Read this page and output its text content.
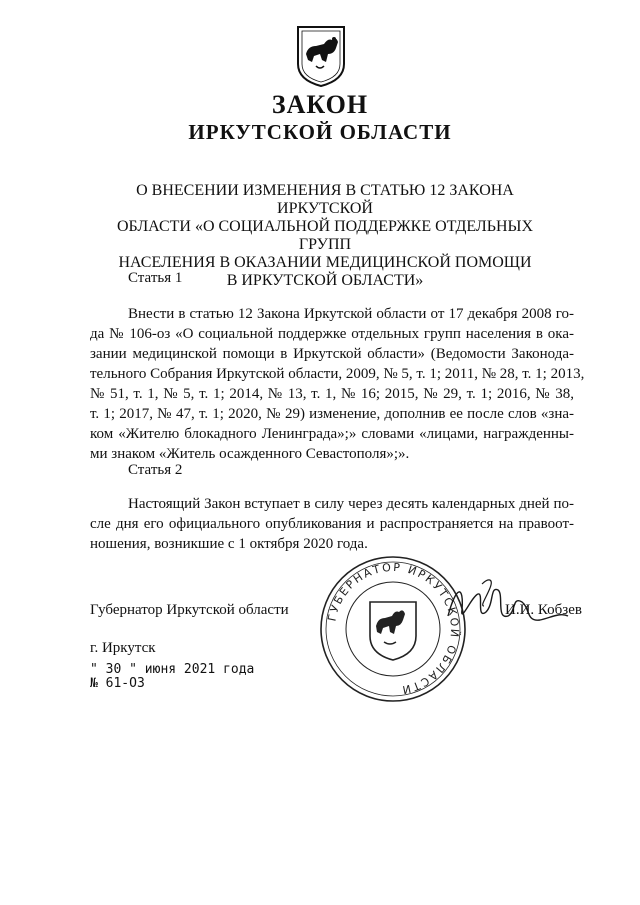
ЗАКОН
ИРКУТСКОЙ ОБЛАСТИ
О ВНЕСЕНИИ ИЗМЕНЕНИЯ В СТАТЬЮ 12 ЗАКОНА ИРКУТСКОЙ
ОБЛАСТИ «О СОЦИАЛЬНОЙ ПОДДЕРЖКЕ ОТДЕЛЬНЫХ ГРУПП
НАСЕЛЕНИЯ В ОКАЗАНИИ МЕДИЦИНСКОЙ ПОМОЩИ
В ИРКУТСКОЙ ОБЛАСТИ»
Статья 1
Внести в статью 12 Закона Иркутской области от 17 декабря 2008 го-
да № 106-оз «О социальной поддержке отдельных групп населения в ока-
зании медицинской помощи в Иркутской области» (Ведомости Законода-
тельного Собрания Иркутской области, 2009, № 5, т. 1; 2011, № 28, т. 1; 2013,
№ 51, т. 1, № 5, т. 1; 2014, № 13, т. 1, № 16; 2015, № 29, т. 1; 2016, № 38,
т. 1; 2017, № 47, т. 1; 2020, № 29) изменение, дополнив ее после слов «зна-
ком «Жителю блокадного Ленинграда»;» словами «лицами, награжденны-
ми знаком «Житель осажденного Севастополя»;».
Статья 2
Настоящий Закон вступает в силу через десять календарных дней по-
сле дня его официального опубликования и распространяется на правоот-
ношения, возникшие с 1 октября 2020 года.
ГУБЕРНАТОР ИРКУТСКОЙ ОБЛАСТИ
Губернатор Иркутской области	И.И. Кобзев
г. Иркутск
" 30 " июня 2021 года
№ 61-ОЗ
